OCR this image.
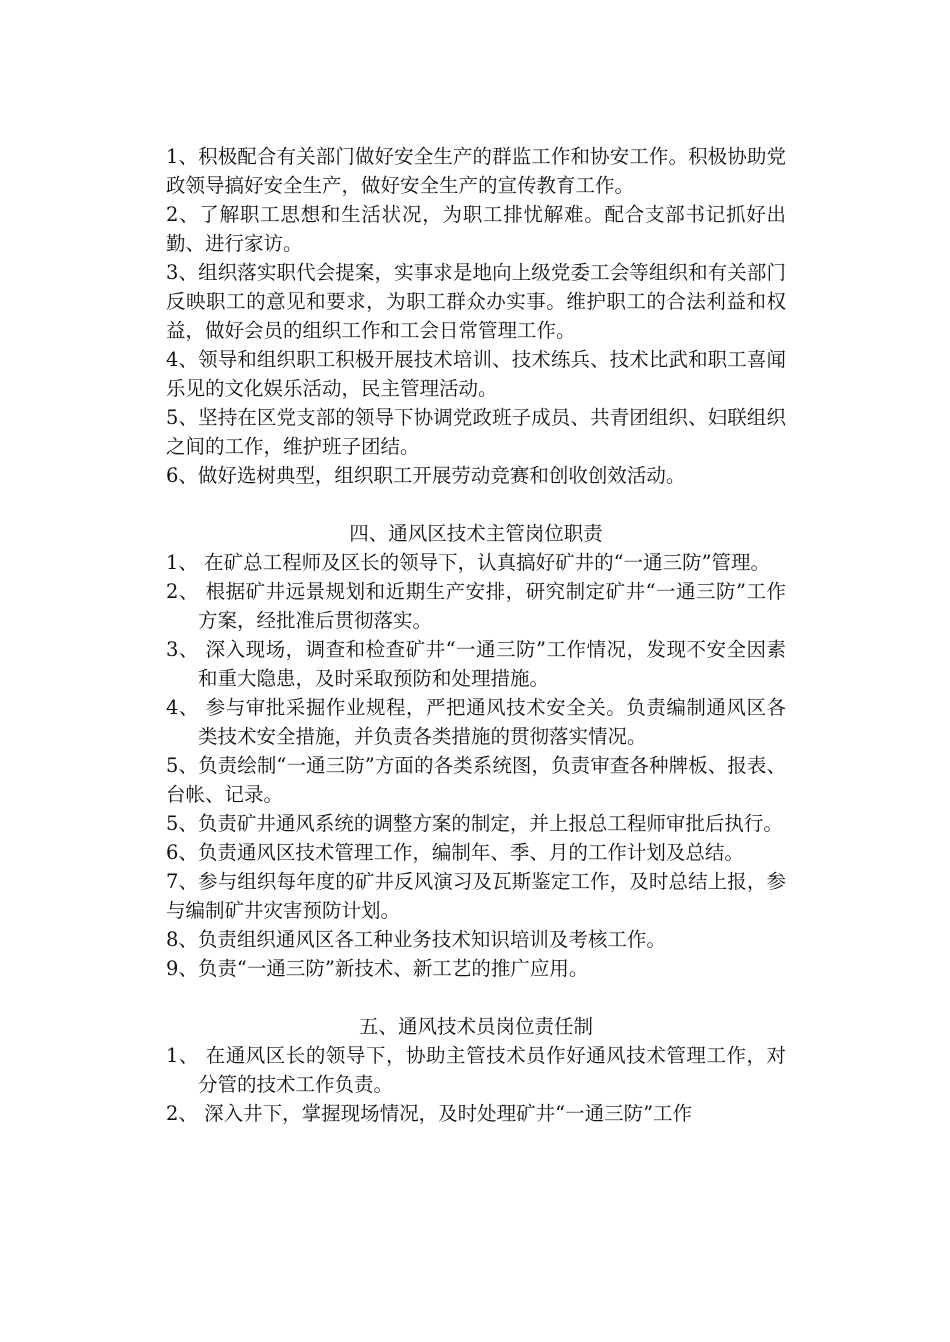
1、积极配合有关部门做好安全生产的群监工作和协安工作。积极协助党政领导搞好安全生产，做好安全生产的宣传教育工作。

2、了解职工思想和生活状况，为职工排忧解难。配合支部书记抓好出勤、进行家访。

3、组织落实职代会提案，实事求是地向上级党委工会等组织和有关部门反映职工的意见和要求，为职工群众办实事。维护职工的合法利益和权益，做好会员的组织工作和工会日常管理工作。

4、领导和组织职工积极开展技术培训、技术练兵、技术比武和职工喜闻乐见的文化娱乐活动，民主管理活动。

5、坚持在区党支部的领导下协调党政班子成员、共青团组织、妇联组织之间的工作，维护班子团结。

6、做好选树典型，组织职工开展劳动竞赛和创收创效活动。

四、通风区技术主管岗位职责

1、 在矿总工程师及区长的领导下，认真搞好矿井的“一通三防”管理。

2、 根据矿井远景规划和近期生产安排，研究制定矿井“一通三防”工作方案，经批准后贯彻落实。

3、 深入现场，调查和检查矿井“一通三防”工作情况，发现不安全因素和重大隐患，及时采取预防和处理措施。

4、 参与审批采掘作业规程，严把通风技术安全关。负责编制通风区各类技术安全措施，并负责各类措施的贯彻落实情况。

5、负责绘制“一通三防”方面的各类系统图，负责审查各种牌板、报表、台帐、记录。

5、负责矿井通风系统的调整方案的制定，并上报总工程师审批后执行。

6、负责通风区技术管理工作，编制年、季、月的工作计划及总结。

7、参与组织每年度的矿井反风演习及瓦斯鉴定工作，及时总结上报，参与编制矿井灾害预防计划。

8、负责组织通风区各工种业务技术知识培训及考核工作。

9、负责“一通三防”新技术、新工艺的推广应用。

五、通风技术员岗位责任制

1、 在通风区长的领导下，协助主管技术员作好通风技术管理工作，对分管的技术工作负责。

2、 深入井下，掌握现场情况，及时处理矿井“一通三防”工作
